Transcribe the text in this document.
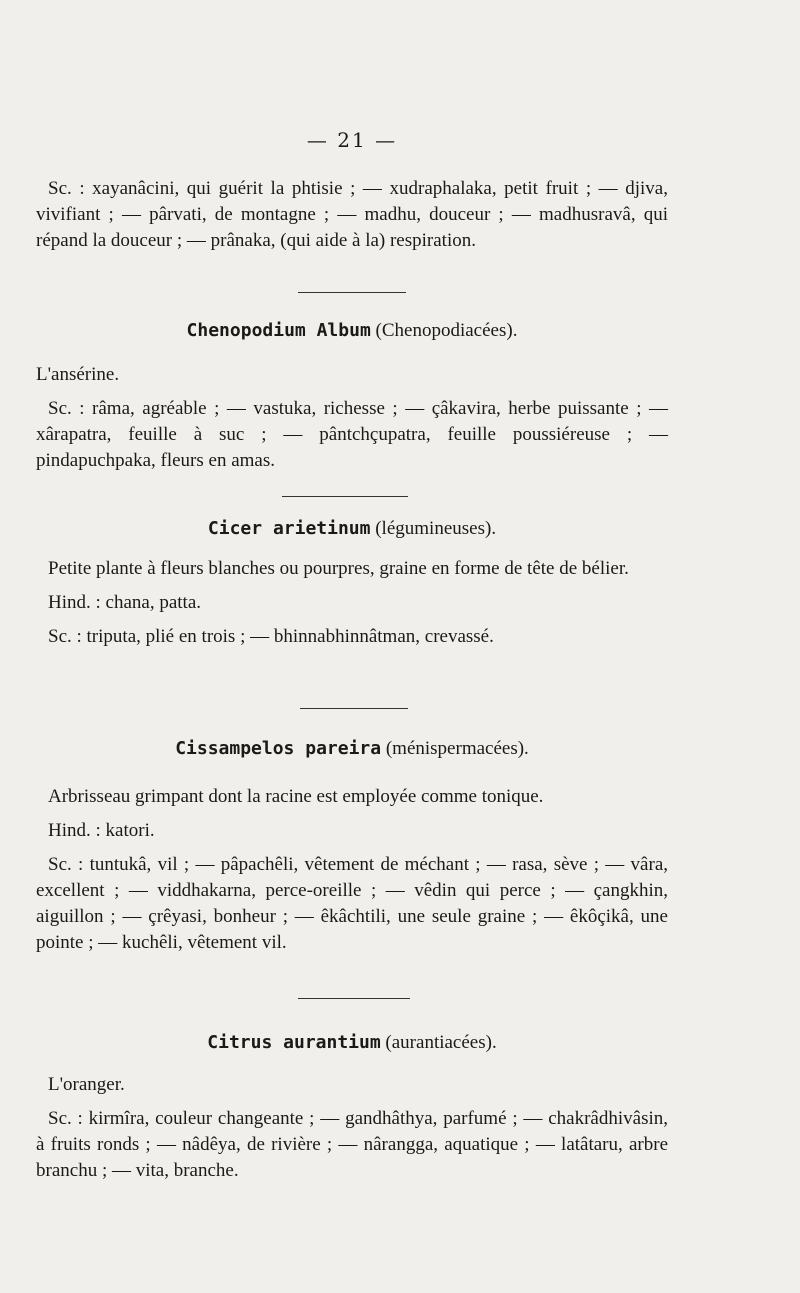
— 21 —

Sc. : xayanâcini, qui guérit la phtisie ; — xudraphalaka, petit fruit ; — djiva, vivifiant ; — pârvati, de montagne ; — madhu, douceur ; — madhusravâ, qui répand la douceur ; — prânaka, (qui aide à la) respiration.

Chenopodium Album (Chenopodiacées).

L'ansérine.

Sc. : râma, agréable ; — vastuka, richesse ; — çâkavira, herbe puissante ; — xârapatra, feuille à suc ; — pântchçupatra, feuille poussiéreuse ; — pindapuchpaka, fleurs en amas.

Cicer arietinum (légumineuses).

Petite plante à fleurs blanches ou pourpres, graine en forme de tête de bélier.

Hind. : chana, patta.

Sc. : triputa, plié en trois ; — bhinnabhinnâtman, crevassé.

Cissampelos pareira (ménispermacées).

Arbrisseau grimpant dont la racine est employée comme tonique.

Hind. : katori.

Sc. : tuntukâ, vil ; — pâpachêli, vêtement de méchant ; — rasa, sève ; — vâra, excellent ; — viddhakarna, perce-oreille ; — vêdin qui perce ; — çangkhin, aiguillon ; — çrêyasi, bonheur ; — êkâchtili, une seule graine ; — êkôçikâ, une pointe ; — kuchêli, vêtement vil.

Citrus aurantium (aurantiacées).

L'oranger.

Sc. : kirmîra, couleur changeante ; — gandhâthya, parfumé ; — chakrâdhivâsin, à fruits ronds ; — nâdêya, de rivière ; — nârangga, aquatique ; — latâtaru, arbre branchu ; — vita, branche.
